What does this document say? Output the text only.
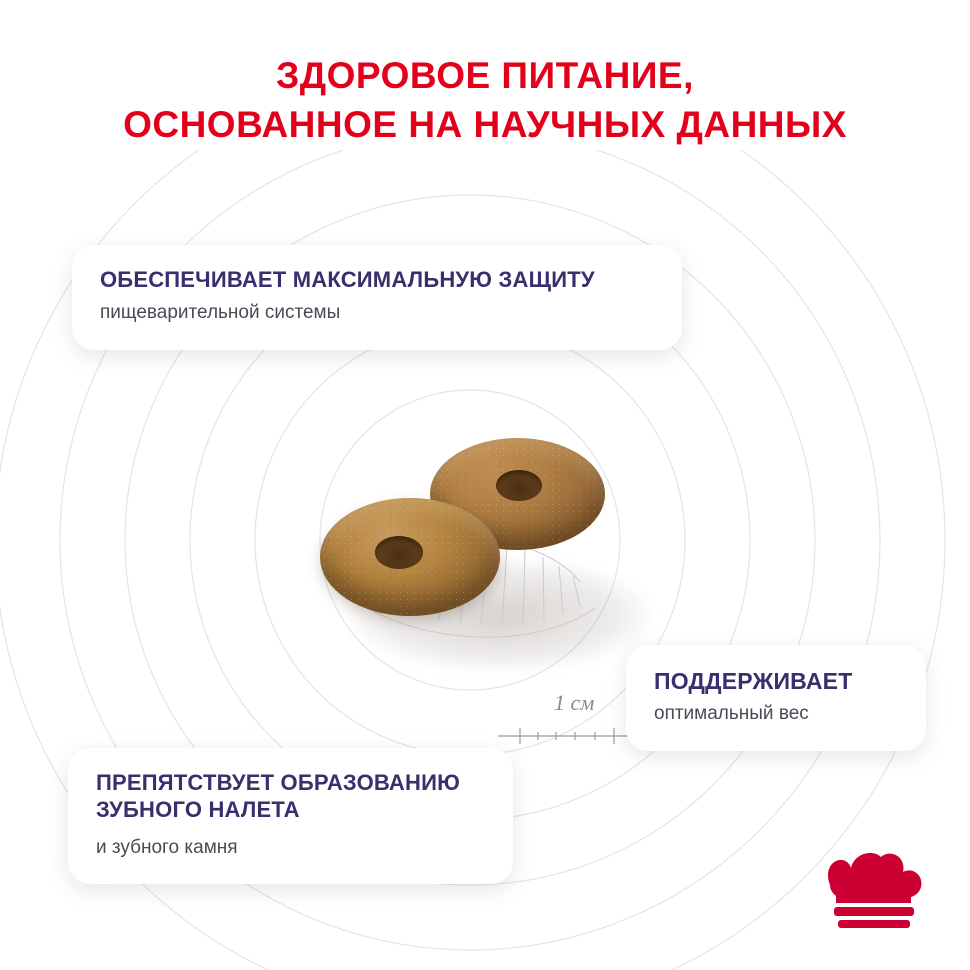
ЗДОРОВОЕ ПИТАНИЕ,
ОСНОВАННОЕ НА НАУЧНЫХ ДАННЫХ
1 см
ОБЕСПЕЧИВАЕТ МАКСИМАЛЬНУЮ ЗАЩИТУ
пищеварительной системы
ПОДДЕРЖИВАЕТ
оптимальный вес
ПРЕПЯТСТВУЕТ ОБРАЗОВАНИЮ ЗУБНОГО НАЛЕТА
и зубного камня
